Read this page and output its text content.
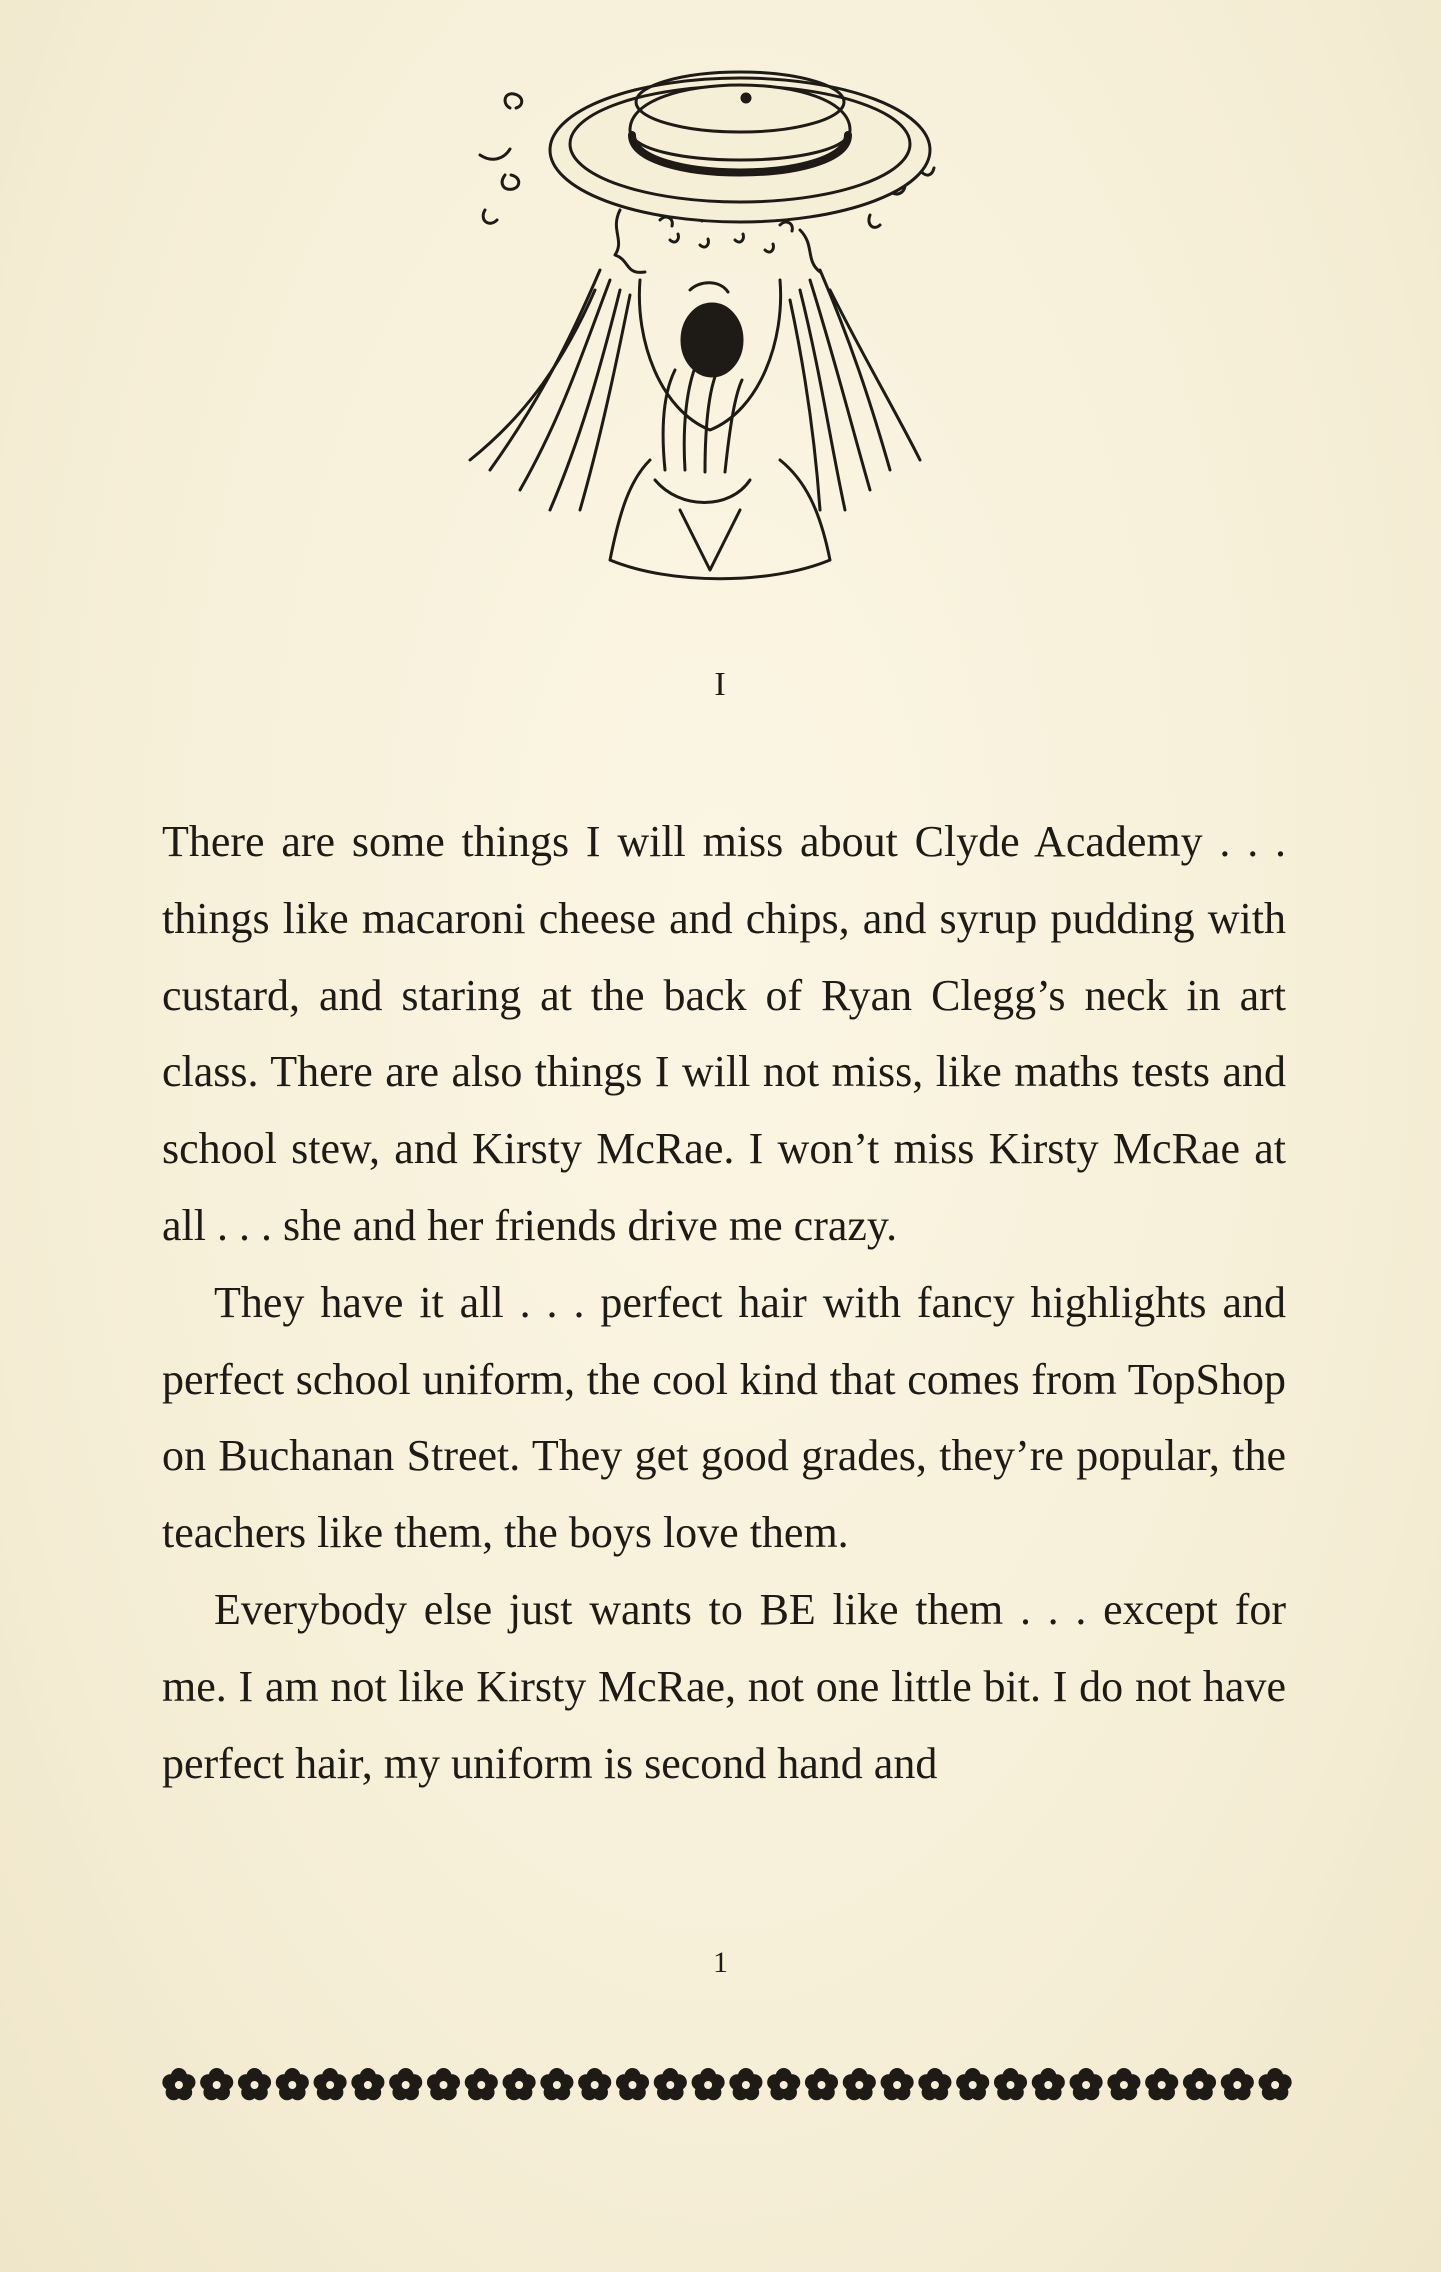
I

There are some things I will miss about Clyde Academy . . . things like macaroni cheese and chips, and syrup pudding with custard, and staring at the back of Ryan Clegg’s neck in art class. There are also things I will not miss, like maths tests and school stew, and Kirsty McRae. I won’t miss Kirsty McRae at all . . . she and her friends drive me crazy.

They have it all . . . perfect hair with fancy highlights and perfect school uniform, the cool kind that comes from TopShop on Buchanan Street. They get good grades, they’re popular, the teachers like them, the boys love them.

Everybody else just wants to BE like them . . . except for me. I am not like Kirsty McRae, not one little bit. I do not have perfect hair, my uniform is second hand and

1
